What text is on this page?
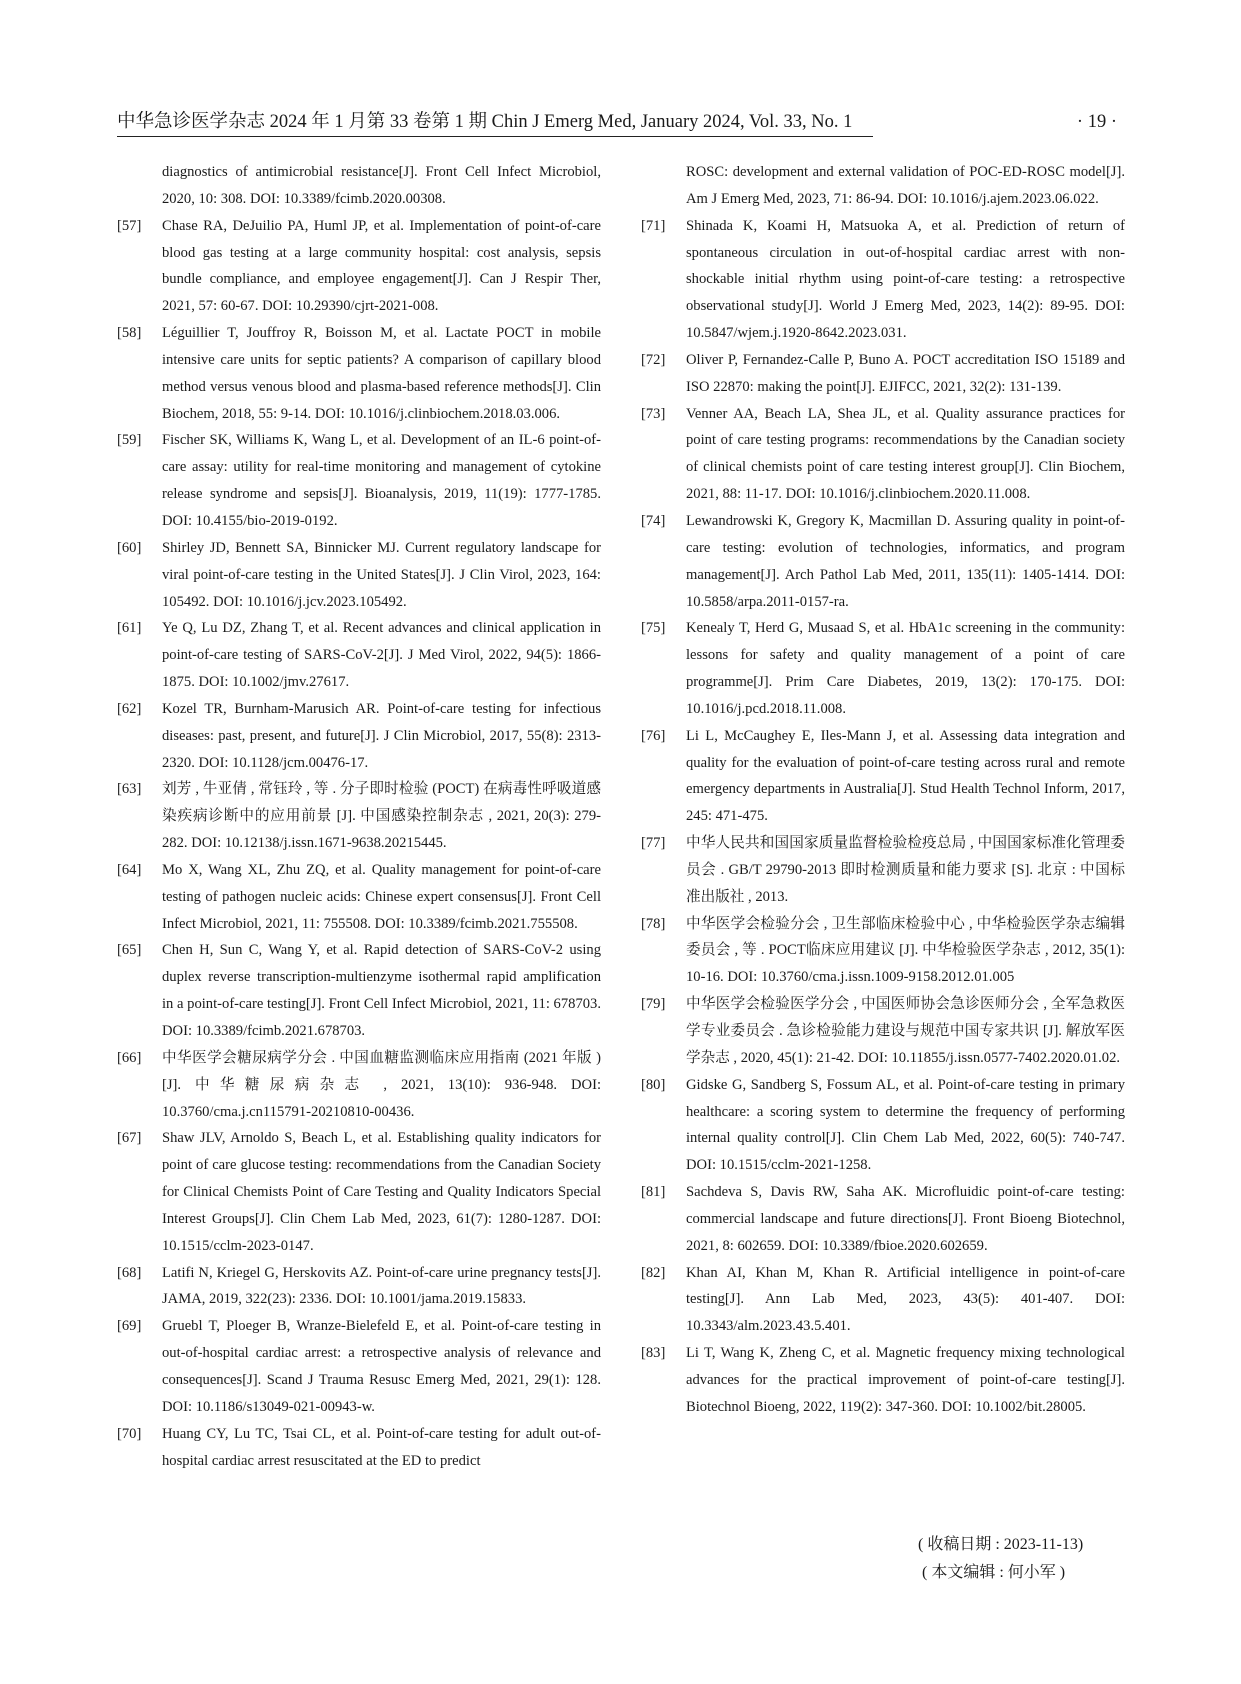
中华急诊医学杂志 2024 年 1 月第 33 卷第 1 期 Chin J Emerg Med, January 2024, Vol. 33, No. 1	· 19 ·
diagnostics of antimicrobial resistance[J]. Front Cell Infect Microbiol, 2020, 10: 308. DOI: 10.3389/fcimb.2020.00308.
[57] Chase RA, DeJuilio PA, Huml JP, et al. Implementation of point-of-care blood gas testing at a large community hospital: cost analysis, sepsis bundle compliance, and employee engagement[J]. Can J Respir Ther, 2021, 57: 60-67. DOI: 10.29390/cjrt-2021-008.
[58] Léguillier T, Jouffroy R, Boisson M, et al. Lactate POCT in mobile intensive care units for septic patients? A comparison of capillary blood method versus venous blood and plasma-based reference methods[J]. Clin Biochem, 2018, 55: 9-14. DOI: 10.1016/j.clinbiochem.2018.03.006.
[59] Fischer SK, Williams K, Wang L, et al. Development of an IL-6 point-of-care assay: utility for real-time monitoring and management of cytokine release syndrome and sepsis[J]. Bioanalysis, 2019, 11(19): 1777-1785. DOI: 10.4155/bio-2019-0192.
[60] Shirley JD, Bennett SA, Binnicker MJ. Current regulatory landscape for viral point-of-care testing in the United States[J]. J Clin Virol, 2023, 164: 105492. DOI: 10.1016/j.jcv.2023.105492.
[61] Ye Q, Lu DZ, Zhang T, et al. Recent advances and clinical application in point-of-care testing of SARS-CoV-2[J]. J Med Virol, 2022, 94(5): 1866-1875. DOI: 10.1002/jmv.27617.
[62] Kozel TR, Burnham-Marusich AR. Point-of-care testing for infectious diseases: past, present, and future[J]. J Clin Microbiol, 2017, 55(8): 2313-2320. DOI: 10.1128/jcm.00476-17.
[63] 刘芳 , 牛亚倩 , 常钰玲 , 等 . 分子即时检验 (POCT) 在病毒性呼吸道感染疾病诊断中的应用前景 [J]. 中国感染控制杂志 , 2021, 20(3): 279-282. DOI: 10.12138/j.issn.1671-9638.20215445.
[64] Mo X, Wang XL, Zhu ZQ, et al. Quality management for point-of-care testing of pathogen nucleic acids: Chinese expert consensus[J]. Front Cell Infect Microbiol, 2021, 11: 755508. DOI: 10.3389/fcimb.2021.755508.
[65] Chen H, Sun C, Wang Y, et al. Rapid detection of SARS-CoV-2 using duplex reverse transcription-multienzyme isothermal rapid amplification in a point-of-care testing[J]. Front Cell Infect Microbiol, 2021, 11: 678703. DOI: 10.3389/fcimb.2021.678703.
[66] 中华医学会糖尿病学分会 . 中国血糖监测临床应用指南 (2021 年版 )[J]. 中华糖尿病杂志 , 2021, 13(10): 936-948. DOI: 10.3760/cma.j.cn115791-20210810-00436.
[67] Shaw JLV, Arnoldo S, Beach L, et al. Establishing quality indicators for point of care glucose testing: recommendations from the Canadian Society for Clinical Chemists Point of Care Testing and Quality Indicators Special Interest Groups[J]. Clin Chem Lab Med, 2023, 61(7): 1280-1287. DOI: 10.1515/cclm-2023-0147.
[68] Latifi N, Kriegel G, Herskovits AZ. Point-of-care urine pregnancy tests[J]. JAMA, 2019, 322(23): 2336. DOI: 10.1001/jama.2019.15833.
[69] Gruebl T, Ploeger B, Wranze-Bielefeld E, et al. Point-of-care testing in out-of-hospital cardiac arrest: a retrospective analysis of relevance and consequences[J]. Scand J Trauma Resusc Emerg Med, 2021, 29(1): 128. DOI: 10.1186/s13049-021-00943-w.
[70] Huang CY, Lu TC, Tsai CL, et al. Point-of-care testing for adult out-of-hospital cardiac arrest resuscitated at the ED to predict
ROSC: development and external validation of POC-ED-ROSC model[J]. Am J Emerg Med, 2023, 71: 86-94. DOI: 10.1016/j.ajem.2023.06.022.
[71] Shinada K, Koami H, Matsuoka A, et al. Prediction of return of spontaneous circulation in out-of-hospital cardiac arrest with non-shockable initial rhythm using point-of-care testing: a retrospective observational study[J]. World J Emerg Med, 2023, 14(2): 89-95. DOI: 10.5847/wjem.j.1920-8642.2023.031.
[72] Oliver P, Fernandez-Calle P, Buno A. POCT accreditation ISO 15189 and ISO 22870: making the point[J]. EJIFCC, 2021, 32(2): 131-139.
[73] Venner AA, Beach LA, Shea JL, et al. Quality assurance practices for point of care testing programs: recommendations by the Canadian society of clinical chemists point of care testing interest group[J]. Clin Biochem, 2021, 88: 11-17. DOI: 10.1016/j.clinbiochem.2020.11.008.
[74] Lewandrowski K, Gregory K, Macmillan D. Assuring quality in point-of-care testing: evolution of technologies, informatics, and program management[J]. Arch Pathol Lab Med, 2011, 135(11): 1405-1414. DOI: 10.5858/arpa.2011-0157-ra.
[75] Kenealy T, Herd G, Musaad S, et al. HbA1c screening in the community: lessons for safety and quality management of a point of care programme[J]. Prim Care Diabetes, 2019, 13(2): 170-175. DOI: 10.1016/j.pcd.2018.11.008.
[76] Li L, McCaughey E, Iles-Mann J, et al. Assessing data integration and quality for the evaluation of point-of-care testing across rural and remote emergency departments in Australia[J]. Stud Health Technol Inform, 2017, 245: 471-475.
[77] 中华人民共和国国家质量监督检验检疫总局 , 中国国家标准化管理委员会 . GB/T 29790-2013 即时检测质量和能力要求 [S]. 北京 : 中国标准出版社 , 2013.
[78] 中华医学会检验分会 , 卫生部临床检验中心 , 中华检验医学杂志编辑委员会 , 等 . POCT临床应用建议 [J]. 中华检验医学杂志 , 2012, 35(1): 10-16. DOI: 10.3760/cma.j.issn.1009-9158.2012.01.005
[79] 中华医学会检验医学分会 , 中国医师协会急诊医师分会 , 全军急救医学专业委员会 . 急诊检验能力建设与规范中国专家共识 [J]. 解放军医学杂志 , 2020, 45(1): 21-42. DOI: 10.11855/j.issn.0577-7402.2020.01.02.
[80] Gidske G, Sandberg S, Fossum AL, et al. Point-of-care testing in primary healthcare: a scoring system to determine the frequency of performing internal quality control[J]. Clin Chem Lab Med, 2022, 60(5): 740-747. DOI: 10.1515/cclm-2021-1258.
[81] Sachdeva S, Davis RW, Saha AK. Microfluidic point-of-care testing: commercial landscape and future directions[J]. Front Bioeng Biotechnol, 2021, 8: 602659. DOI: 10.3389/fbioe.2020.602659.
[82] Khan AI, Khan M, Khan R. Artificial intelligence in point-of-care testing[J]. Ann Lab Med, 2023, 43(5): 401-407. DOI: 10.3343/alm.2023.43.5.401.
[83] Li T, Wang K, Zheng C, et al. Magnetic frequency mixing technological advances for the practical improvement of point-of-care testing[J]. Biotechnol Bioeng, 2022, 119(2): 347-360. DOI: 10.1002/bit.28005.
( 收稿日期 : 2023-11-13)
( 本文编辑 : 何小军 )
